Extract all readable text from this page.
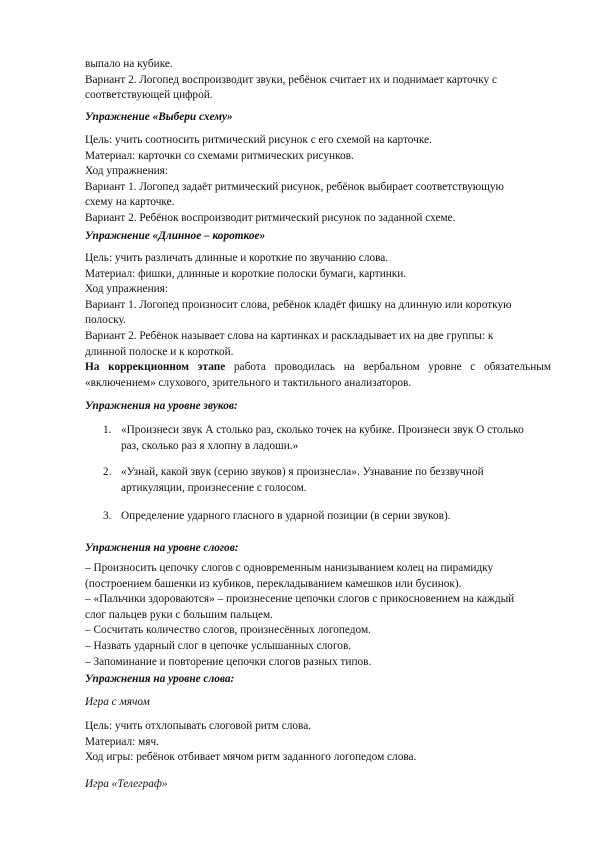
выпало на кубике.
Вариант 2. Логопед воспроизводит звуки, ребёнок считает их и поднимает карточку с
соответствующей цифрой.
Упражнение «Выбери схему»
Цель: учить соотносить ритмический рисунок с его схемой на карточке.
Материал: карточки со схемами ритмических рисунков.
Ход упражнения:
Вариант 1. Логопед задаёт ритмический рисунок, ребёнок выбирает соответствующую
схему на карточке.
Вариант 2. Ребёнок воспроизводит ритмический рисунок по заданной схеме.
Упражнение «Длинное – короткое»
Цель: учить различать длинные и короткие по звучанию слова.
Материал: фишки, длинные и короткие полоски бумаги, картинки.
Ход упражнения:
Вариант 1. Логопед произносит слова, ребёнок кладёт фишку на длинную или короткую
полоску.
Вариант 2. Ребёнок называет слова на картинках и раскладывает их на две группы: к
длинной полоске и к короткой.
На коррекционном этапе работа проводилась на вербальном уровне с обязательным «включением» слухового, зрительного и тактильного анализаторов.
Упражнения на уровне звуков:
1. «Произнеси звук А столько раз, сколько точек на кубике. Произнеси звук О столько
раз, сколько раз я хлопну в ладоши.»
2. «Узнай, какой звук (серию звуков) я произнесла». Узнавание по беззвучной
артикуляции, произнесение с голосом.
3. Определение ударного гласного в ударной позиции (в серии звуков).
Упражнения на уровне слогов:
– Произносить цепочку слогов с одновременным нанизыванием колец на пирамидку
(построением башенки из кубиков, перекладыванием камешков или бусинок).
– «Пальчики здороваются» – произнесение цепочки слогов с прикосновением на каждый
слог пальцев руки с большим пальцем.
– Сосчитать количество слогов, произнесённых логопедом.
– Назвать ударный слог в цепочке услышанных слогов.
– Запоминание и повторение цепочки слогов разных типов.
Упражнения на уровне слова:
Игра с мячом
Цель: учить отхлопывать слоговой ритм слова.
Материал: мяч.
Ход игры: ребёнок отбивает мячом ритм заданного логопедом слова.
Игра «Телеграф»
